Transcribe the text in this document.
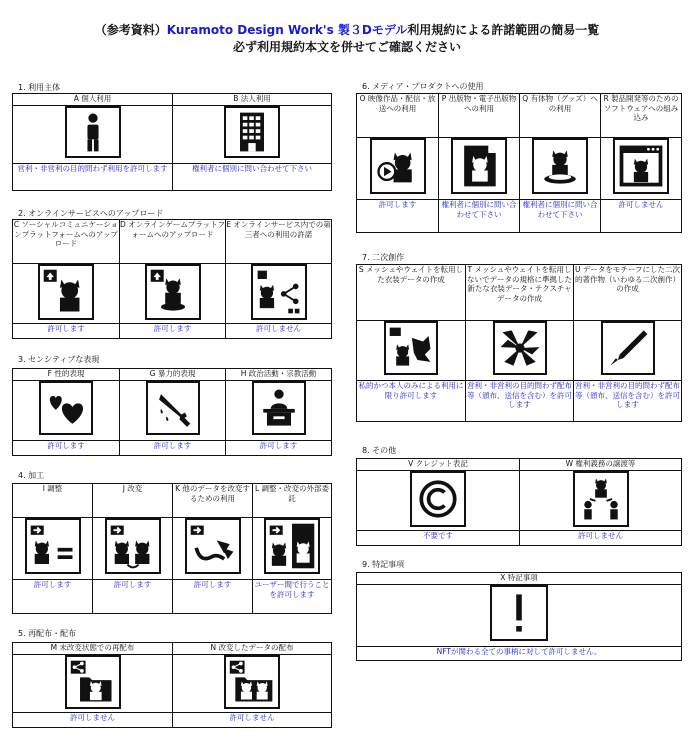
（参考資料）Kuramoto Design Work's 製３Dモデル利用規約による許諾範囲の簡易一覧
必ず利用規約本文を併せてご確認ください
1. 利用主体
A 個人利用	B 法人利用

営利・非営利の目的問わず利用を許可します	権利者に個別に問い合わせて下さい
2. オンラインサービスへのアップロード
C ソーシャルコミュニケーションプラットフォームへのアップロード	D オンラインゲームプラットフォームへのアップロード	E オンラインサービス内での第三者への利用の許諾

許可します	許可します	許可しません
3. センシティブな表現
F 性的表現	G 暴力的表現	H 政治活動・宗教活動

許可します	許可します	許可します
4. 加工
I 調整	J 改変	K 他のデータを改変するための利用	L 調整・改変の外部委託

許可します	許可します	許可します	ユーザー間で行うことを許可します
5. 再配布・配布
M 未改変状態での再配布	N 改変したデータの配布

許可しません	許可しません
6. メディア・プロダクトへの使用
O 映像作品・配信・放送への利用	P 出版物・電子出版物への利用	Q 有体物（グッズ）への利用	R 製品開発等のためのソフトウェアへの組み込み

許可します	権利者に個別に問い合わせて下さい	権利者に個別に問い合わせて下さい	許可しません
7. 二次創作
S メッシュやウェイトを転用した衣装データの作成	T メッシュやウェイトを転用しないでデータの規格に準拠した新たな衣装データ・テクスチャデータの作成	U データをモチーフにした二次的著作物（いわゆる二次創作）の作成

私的かつ本人のみによる利用に限り許可します	営利・非営利の目的問わず配布等（頒布、送信を含む）を許可します	営利・非営利の目的問わず配布等（頒布、送信を含む）を許可します
8. その他
V クレジット表記	W 権利義務の譲渡等

不要です	許可しません
9. 特記事項
X 特記事項

NFTが関わる全ての事柄に対して許可しません。
